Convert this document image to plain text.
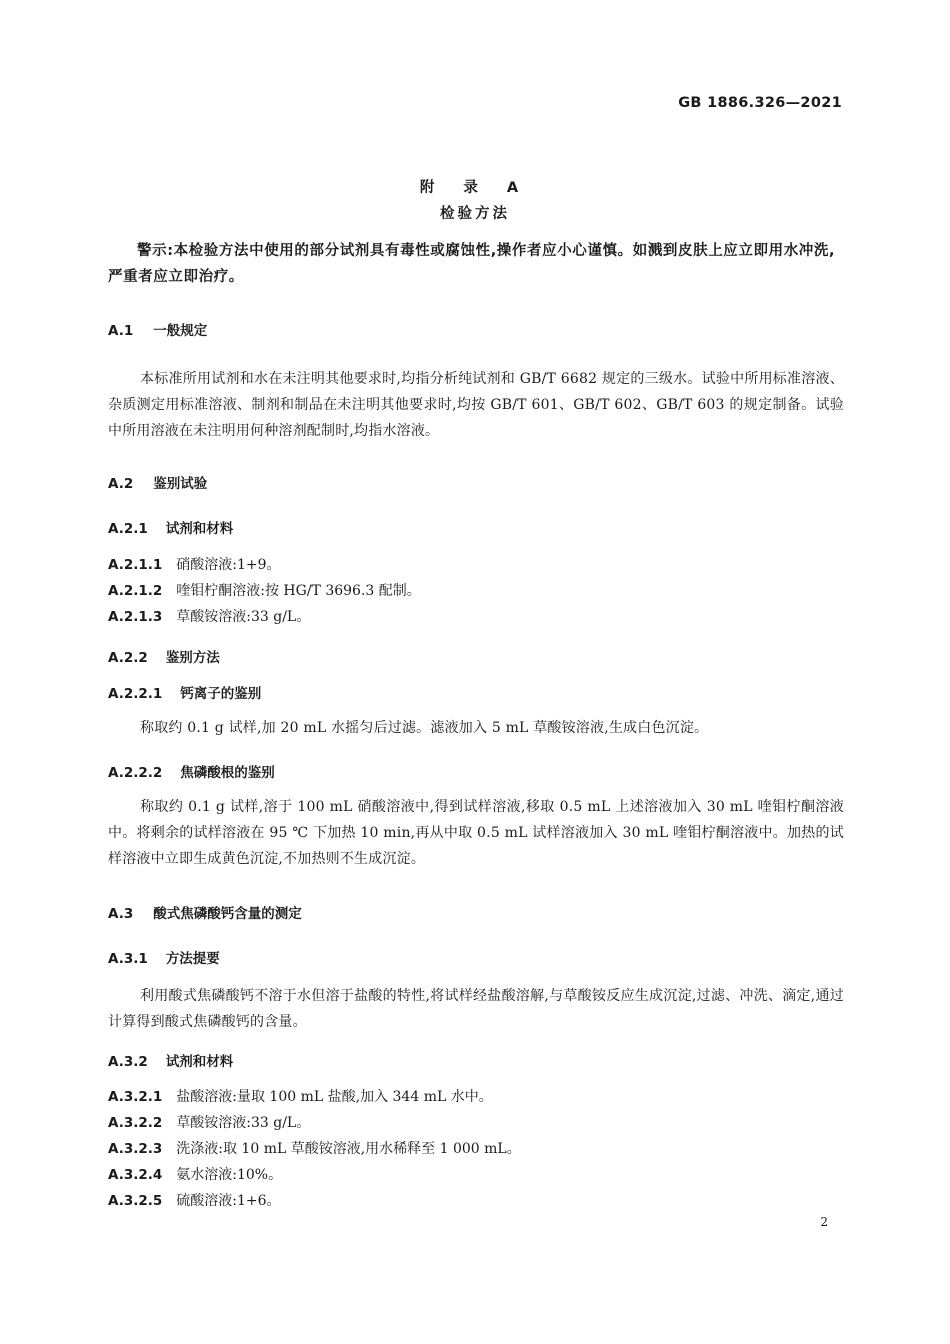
GB 1886.326—2021
附 录 A
检验方法
警示:本检验方法中使用的部分试剂具有毒性或腐蚀性,操作者应小心谨慎。如溅到皮肤上应立即用水冲洗,严重者应立即治疗。
A.1 一般规定
本标准所用试剂和水在未注明其他要求时,均指分析纯试剂和 GB/T 6682 规定的三级水。试验中所用标准溶液、杂质测定用标准溶液、制剂和制品在未注明其他要求时,均按 GB/T 601、GB/T 602、GB/T 603 的规定制备。试验中所用溶液在未注明用何种溶剂配制时,均指水溶液。
A.2 鉴别试验
A.2.1 试剂和材料
A.2.1.1 硝酸溶液:1+9。
A.2.1.2 喹钼柠酮溶液:按 HG/T 3696.3 配制。
A.2.1.3 草酸铵溶液:33 g/L。
A.2.2 鉴别方法
A.2.2.1 钙离子的鉴别
称取约 0.1 g 试样,加 20 mL 水摇匀后过滤。滤液加入 5 mL 草酸铵溶液,生成白色沉淀。
A.2.2.2 焦磷酸根的鉴别
称取约 0.1 g 试样,溶于 100 mL 硝酸溶液中,得到试样溶液,移取 0.5 mL 上述溶液加入 30 mL 喹钼柠酮溶液中。将剩余的试样溶液在 95 ℃ 下加热 10 min,再从中取 0.5 mL 试样溶液加入 30 mL 喹钼柠酮溶液中。加热的试样溶液中立即生成黄色沉淀,不加热则不生成沉淀。
A.3 酸式焦磷酸钙含量的测定
A.3.1 方法提要
利用酸式焦磷酸钙不溶于水但溶于盐酸的特性,将试样经盐酸溶解,与草酸铵反应生成沉淀,过滤、冲洗、滴定,通过计算得到酸式焦磷酸钙的含量。
A.3.2 试剂和材料
A.3.2.1 盐酸溶液:量取 100 mL 盐酸,加入 344 mL 水中。
A.3.2.2 草酸铵溶液:33 g/L。
A.3.2.3 洗涤液:取 10 mL 草酸铵溶液,用水稀释至 1 000 mL。
A.3.2.4 氨水溶液:10%。
A.3.2.5 硫酸溶液:1+6。
2
